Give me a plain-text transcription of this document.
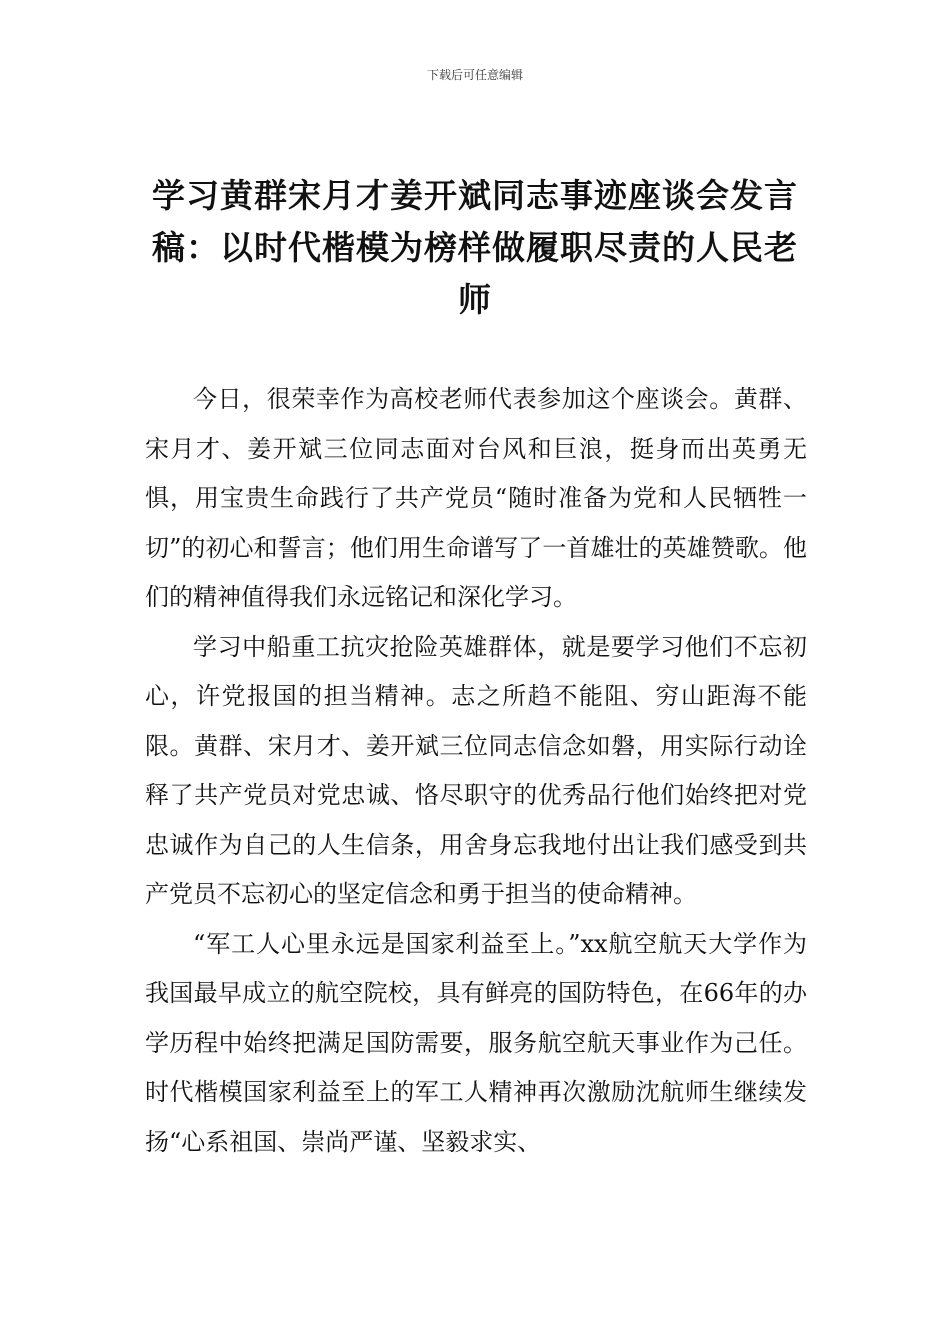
下载后可任意编辑
学习黄群宋月才姜开斌同志事迹座谈会发言稿：以时代楷模为榜样做履职尽责的人民老师

今日，很荣幸作为高校老师代表参加这个座谈会。黄群、宋月才、姜开斌三位同志面对台风和巨浪，挺身而出英勇无惧，用宝贵生命践行了共产党员“随时准备为党和人民牺牲一切”的初心和誓言；他们用生命谱写了一首雄壮的英雄赞歌。他们的精神值得我们永远铭记和深化学习。

学习中船重工抗灾抢险英雄群体，就是要学习他们不忘初心，许党报国的担当精神。志之所趋不能阻、穷山距海不能限。黄群、宋月才、姜开斌三位同志信念如磐，用实际行动诠释了共产党员对党忠诚、恪尽职守的优秀品行他们始终把对党忠诚作为自己的人生信条，用舍身忘我地付出让我们感受到共产党员不忘初心的坚定信念和勇于担当的使命精神。

“军工人心里永远是国家利益至上。”xx航空航天大学作为我国最早成立的航空院校，具有鲜亮的国防特色，在66年的办学历程中始终把满足国防需要，服务航空航天事业作为己任。时代楷模国家利益至上的军工人精神再次激励沈航师生继续发扬“心系祖国、崇尚严谨、坚毅求实、
